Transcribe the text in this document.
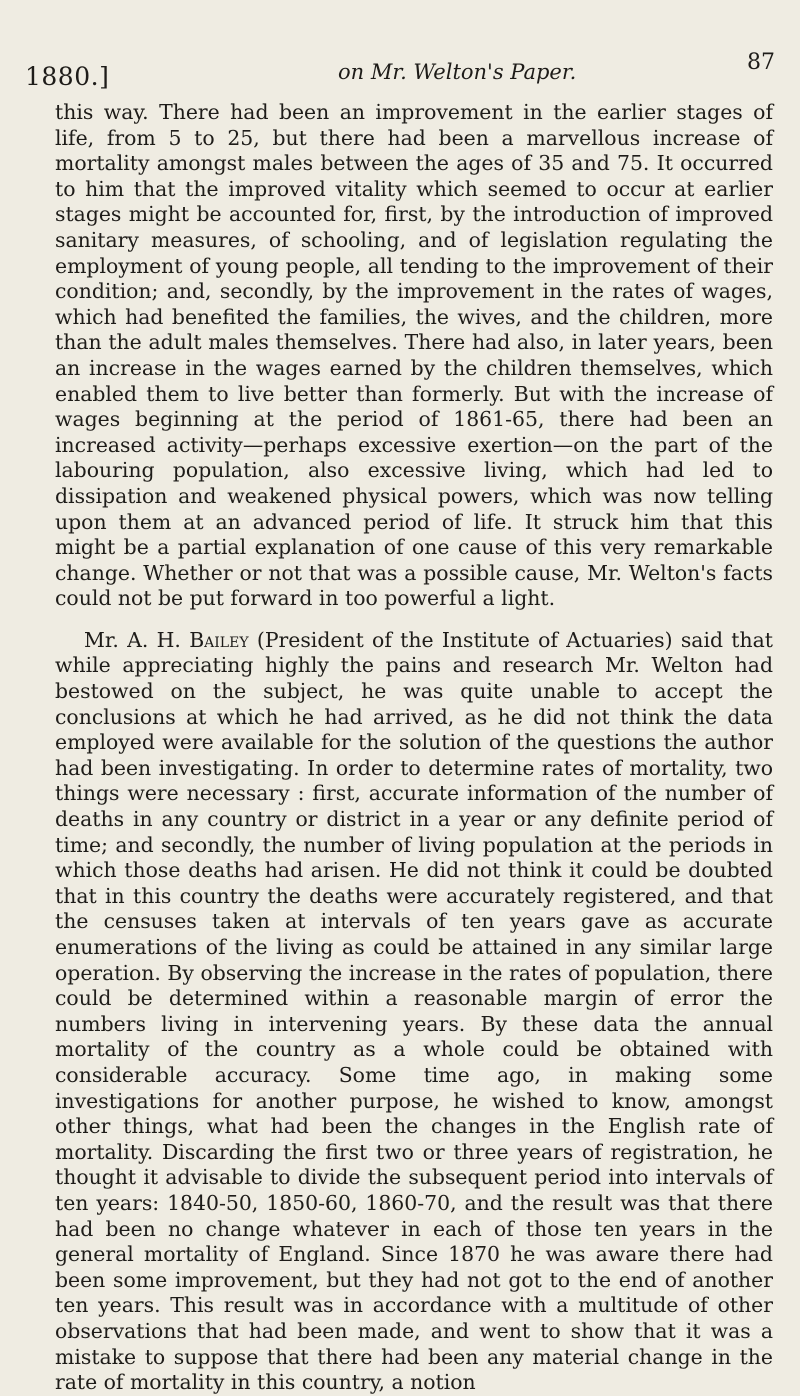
1880.]	on Mr. Welton's Paper.	87

this way. There had been an improvement in the earlier stages of life, from 5 to 25, but there had been a marvellous increase of mortality amongst males between the ages of 35 and 75. It occurred to him that the improved vitality which seemed to occur at earlier stages might be accounted for, first, by the introduction of improved sanitary measures, of schooling, and of legislation regulating the employment of young people, all tending to the improvement of their condition; and, secondly, by the improvement in the rates of wages, which had benefited the families, the wives, and the children, more than the adult males themselves. There had also, in later years, been an increase in the wages earned by the children themselves, which enabled them to live better than formerly. But with the increase of wages beginning at the period of 1861-65, there had been an increased activity—perhaps excessive exertion—on the part of the labouring population, also excessive living, which had led to dissipation and weakened physical powers, which was now telling upon them at an advanced period of life. It struck him that this might be a partial explanation of one cause of this very remarkable change. Whether or not that was a possible cause, Mr. Welton's facts could not be put forward in too powerful a light.

Mr. A. H. Bailey (President of the Institute of Actuaries) said that while appreciating highly the pains and research Mr. Welton had bestowed on the subject, he was quite unable to accept the conclusions at which he had arrived, as he did not think the data employed were available for the solution of the questions the author had been investigating. In order to determine rates of mortality, two things were necessary : first, accurate information of the number of deaths in any country or district in a year or any definite period of time; and secondly, the number of living population at the periods in which those deaths had arisen. He did not think it could be doubted that in this country the deaths were accurately registered, and that the censuses taken at intervals of ten years gave as accurate enumerations of the living as could be attained in any similar large operation. By observing the increase in the rates of population, there could be determined within a reasonable margin of error the numbers living in intervening years. By these data the annual mortality of the country as a whole could be obtained with considerable accuracy. Some time ago, in making some investigations for another purpose, he wished to know, amongst other things, what had been the changes in the English rate of mortality. Discarding the first two or three years of registration, he thought it advisable to divide the subsequent period into intervals of ten years: 1840-50, 1850-60, 1860-70, and the result was that there had been no change whatever in each of those ten years in the general mortality of England. Since 1870 he was aware there had been some improvement, but they had not got to the end of another ten years. This result was in accordance with a multitude of other observations that had been made, and went to show that it was a mistake to suppose that there had been any material change in the rate of mortality in this country, a notion
